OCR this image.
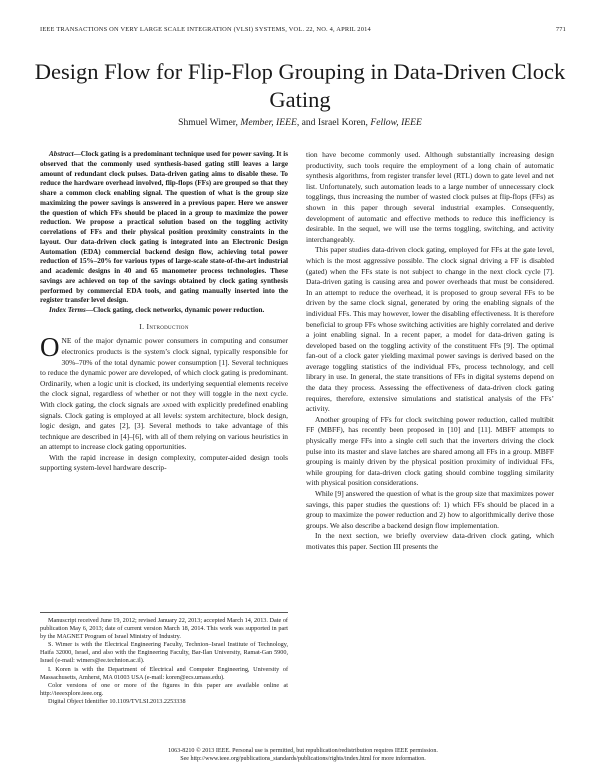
IEEE TRANSACTIONS ON VERY LARGE SCALE INTEGRATION (VLSI) SYSTEMS, VOL. 22, NO. 4, APRIL 2014	771
Design Flow for Flip-Flop Grouping in Data-Driven Clock Gating
Shmuel Wimer, Member, IEEE, and Israel Koren, Fellow, IEEE

Abstract—Clock gating is a predominant technique used for power saving. It is observed that the commonly used synthesis-based gating still leaves a large amount of redundant clock pulses. Data-driven gating aims to disable these. To reduce the hardware overhead involved, flip-flops (FFs) are grouped so that they share a common clock enabling signal. The question of what is the group size maximizing the power savings is answered in a previous paper. Here we answer the question of which FFs should be placed in a group to maximize the power reduction. We propose a practical solution based on the toggling activity correlations of FFs and their physical position proximity constraints in the layout. Our data-driven clock gating is integrated into an Electronic Design Automation (EDA) commercial backend design flow, achieving total power reduction of 15%–20% for various types of large-scale state-of-the-art industrial and academic designs in 40 and 65 manometer process technologies. These savings are achieved on top of the savings obtained by clock gating synthesis performed by commercial EDA tools, and gating manually inserted into the register transfer level design.

Index Terms—Clock gating, clock networks, dynamic power reduction.

I. Introduction

ONE of the major dynamic power consumers in computing and consumer electronics products is the system’s clock signal, typically responsible for 30%–70% of the total dynamic power consumption [1]. Several techniques to reduce the dynamic power are developed, of which clock gating is predominant. Ordinarily, when a logic unit is clocked, its underlying sequential elements receive the clock signal, regardless of whether or not they will toggle in the next cycle. With clock gating, the clock signals are anded with explicitly predefined enabling signals. Clock gating is employed at all levels: system architecture, block design, logic design, and gates [2], [3]. Several methods to take advantage of this technique are described in [4]–[6], with all of them relying on various heuristics in an attempt to increase clock gating opportunities.

With the rapid increase in design complexity, computer-aided design tools supporting system-level hardware descrip-

Manuscript received June 19, 2012; revised January 22, 2013; accepted March 14, 2013. Date of publication May 6, 2013; date of current version March 18, 2014. This work was supported in part by the MAGNET Program of Israel Ministry of Industry.

S. Wimer is with the Electrical Engineering Faculty, Technion–Israel Institute of Technology, Haifa 32000, Israel, and also with the Engineering Faculty, Bar-Ilan University, Ramat-Gan 5900, Israel (e-mail: wimers@ee.technion.ac.il).

I. Koren is with the Department of Electrical and Computer Engineering, University of Massachusetts, Amherst, MA 01003 USA (e-mail: koren@ecs.umass.edu).

Color versions of one or more of the figures in this paper are available online at http://ieeexplore.ieee.org.

Digital Object Identifier 10.1109/TVLSI.2013.2253338

tion have become commonly used. Although substantially increasing design productivity, such tools require the employment of a long chain of automatic synthesis algorithms, from register transfer level (RTL) down to gate level and net list. Unfortunately, such automation leads to a large number of unnecessary clock togglings, thus increasing the number of wasted clock pulses at flip-flops (FFs) as shown in this paper through several industrial examples. Consequently, development of automatic and effective methods to reduce this inefficiency is desirable. In the sequel, we will use the terms toggling, switching, and activity interchangeably.

This paper studies data-driven clock gating, employed for FFs at the gate level, which is the most aggressive possible. The clock signal driving a FF is disabled (gated) when the FFs state is not subject to change in the next clock cycle [7]. Data-driven gating is causing area and power overheads that must be considered. In an attempt to reduce the overhead, it is proposed to group several FFs to be driven by the same clock signal, generated by oring the enabling signals of the individual FFs. This may however, lower the disabling effectiveness. It is therefore beneficial to group FFs whose switching activities are highly correlated and derive a joint enabling signal. In a recent paper, a model for data-driven gating is developed based on the toggling activity of the constituent FFs [9]. The optimal fan-out of a clock gater yielding maximal power savings is derived based on the average toggling statistics of the individual FFs, process technology, and cell library in use. In general, the state transitions of FFs in digital systems depend on the data they process. Assessing the effectiveness of data-driven clock gating requires, therefore, extensive simulations and statistical analysis of the FFs’ activity.

Another grouping of FFs for clock switching power reduction, called multibit FF (MBFF), has recently been proposed in [10] and [11]. MBFF attempts to physically merge FFs into a single cell such that the inverters driving the clock pulse into its master and slave latches are shared among all FFs in a group. MBFF grouping is mainly driven by the physical position proximity of individual FFs, while grouping for data-driven clock gating should combine toggling similarity with physical position considerations.

While [9] answered the question of what is the group size that maximizes power savings, this paper studies the questions of: 1) which FFs should be placed in a group to maximize the power reduction and 2) how to algorithmically derive those groups. We also describe a backend design flow implementation.

In the next section, we briefly overview data-driven clock gating, which motivates this paper. Section III presents the

1063-8210 © 2013 IEEE. Personal use is permitted, but republication/redistribution requires IEEE permission.
See http://www.ieee.org/publications_standards/publications/rights/index.html for more information.
